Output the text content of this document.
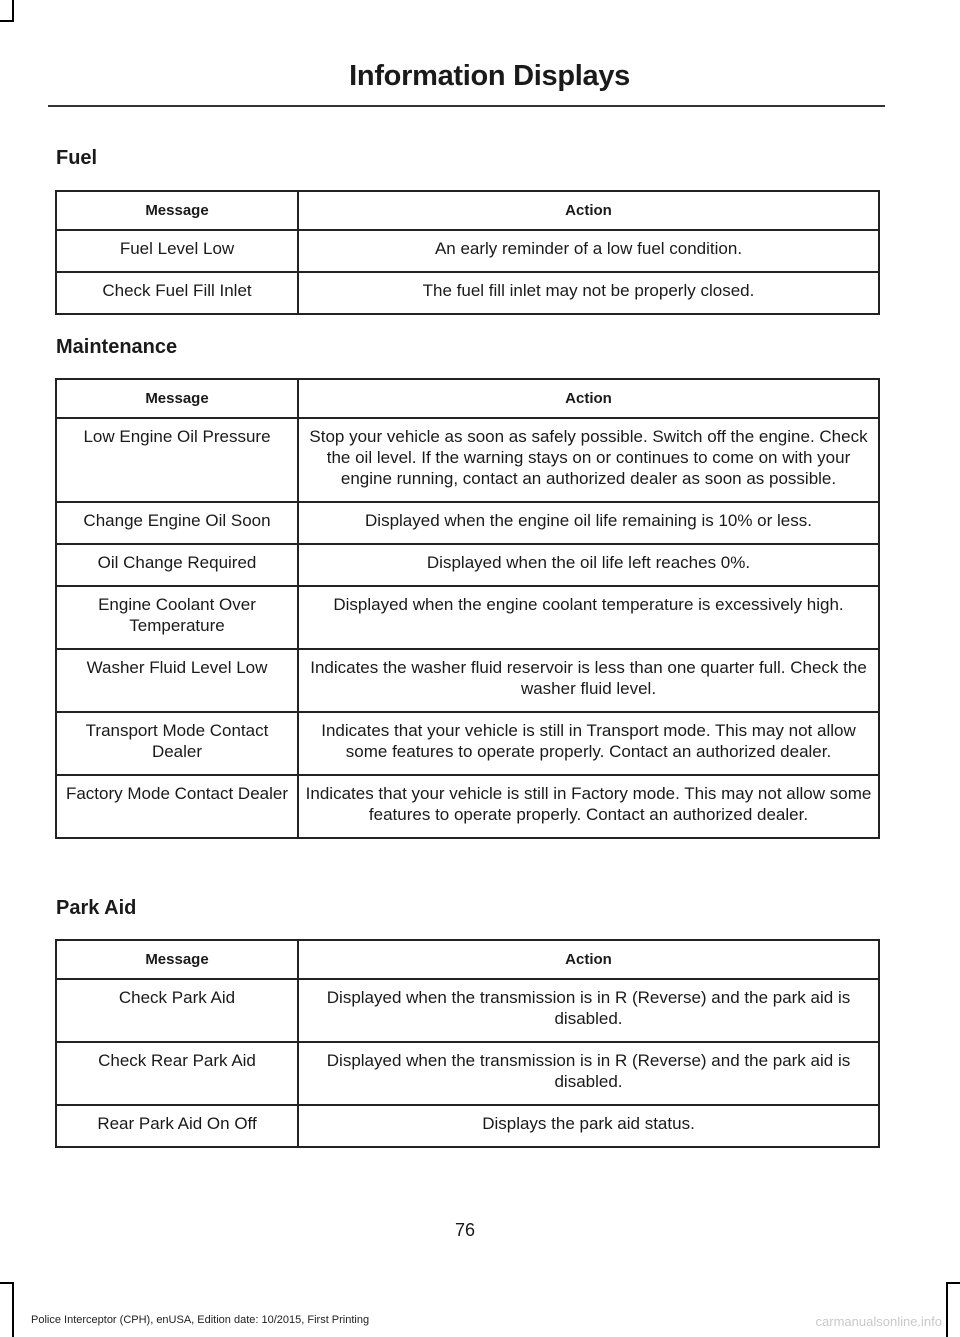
Information Displays
Fuel
Message	Action
Fuel Level Low	An early reminder of a low fuel condition.
Check Fuel Fill Inlet	The fuel fill inlet may not be properly closed.
Maintenance
Message	Action
Low Engine Oil Pressure	Stop your vehicle as soon as safely possible. Switch off the engine. Check the oil level. If the warning stays on or continues to come on with your engine running, contact an authorized dealer as soon as possible.
Change Engine Oil Soon	Displayed when the engine oil life remaining is 10% or less.
Oil Change Required	Displayed when the oil life left reaches 0%.
Engine Coolant Over Temperature	Displayed when the engine coolant temperature is excessively high.
Washer Fluid Level Low	Indicates the washer fluid reservoir is less than one quarter full. Check the washer fluid level.
Transport Mode Contact Dealer	Indicates that your vehicle is still in Transport mode. This may not allow some features to operate properly. Contact an authorized dealer.
Factory Mode Contact Dealer	Indicates that your vehicle is still in Factory mode. This may not allow some features to operate properly. Contact an authorized dealer.
Park Aid
Message	Action
Check Park Aid	Displayed when the transmission is in R (Reverse) and the park aid is disabled.
Check Rear Park Aid	Displayed when the transmission is in R (Reverse) and the park aid is disabled.
Rear Park Aid On Off	Displays the park aid status.
76
Police Interceptor (CPH), enUSA, Edition date: 10/2015, First Printing	carmanualsonline.info
